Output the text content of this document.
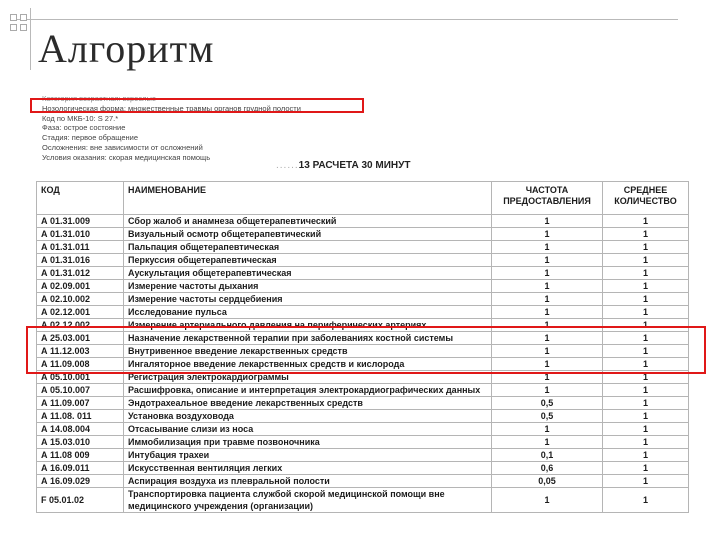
Алгоритм
Категория возрастная: взрослые
Нозологическая форма: множественные травмы органов грудной полости
Код по МКБ-10: S 27.*
Фаза: острое состояние
Стадия: первое обращение
Осложнения: вне зависимости от осложнений
Условия оказания: скорая медицинская помощь
......13 РАСЧЕТА 30 МИНУТ
КОД	НАИМЕНОВАНИЕ	ЧАСТОТА ПРЕДОСТАВЛЕНИЯ	СРЕДНЕЕ КОЛИЧЕСТВО
А 01.31.009	Сбор жалоб и анамнеза общетерапевтический	1	1
А 01.31.010	Визуальный осмотр общетерапевтический	1	1
А 01.31.011	Пальпация общетерапевтическая	1	1
А 01.31.016	Перкуссия общетерапевтическая	1	1
А 01.31.012	Аускультация общетерапевтическая	1	1
А 02.09.001	Измерение частоты дыхания	1	1
А 02.10.002	Измерение частоты сердцебиения	1	1
А 02.12.001	Исследование пульса	1	1
А 02.12.002	Измерение артериального давления на периферических артериях	1	1
А 25.03.001	Назначение лекарственной терапии при заболеваниях костной системы	1	1
А 11.12.003	Внутривенное введение лекарственных средств	1	1
А 11.09.008	Ингаляторное введение лекарственных средств и кислорода	1	1
А 05.10.001	Регистрация электрокардиограммы	1	1
А 05.10.007	Расшифровка, описание и интерпретация электрокардиографических данных	1	1
А 11.09.007	Эндотрахеальное введение лекарственных средств	0,5	1
А 11.08. 011	Установка воздуховода	0,5	1
А 14.08.004	Отсасывание слизи из носа	1	1
А 15.03.010	Иммобилизация при травме позвоночника	1	1
А 11.08 009	Интубация трахеи	0,1	1
А 16.09.011	Искусственная вентиляция легких	0,6	1
А 16.09.029	Аспирация воздуха из плевральной полости	0,05	1
F 05.01.02	Транспортировка пациента службой скорой медицинской помощи вне медицинского учреждения (организации)	1	1
